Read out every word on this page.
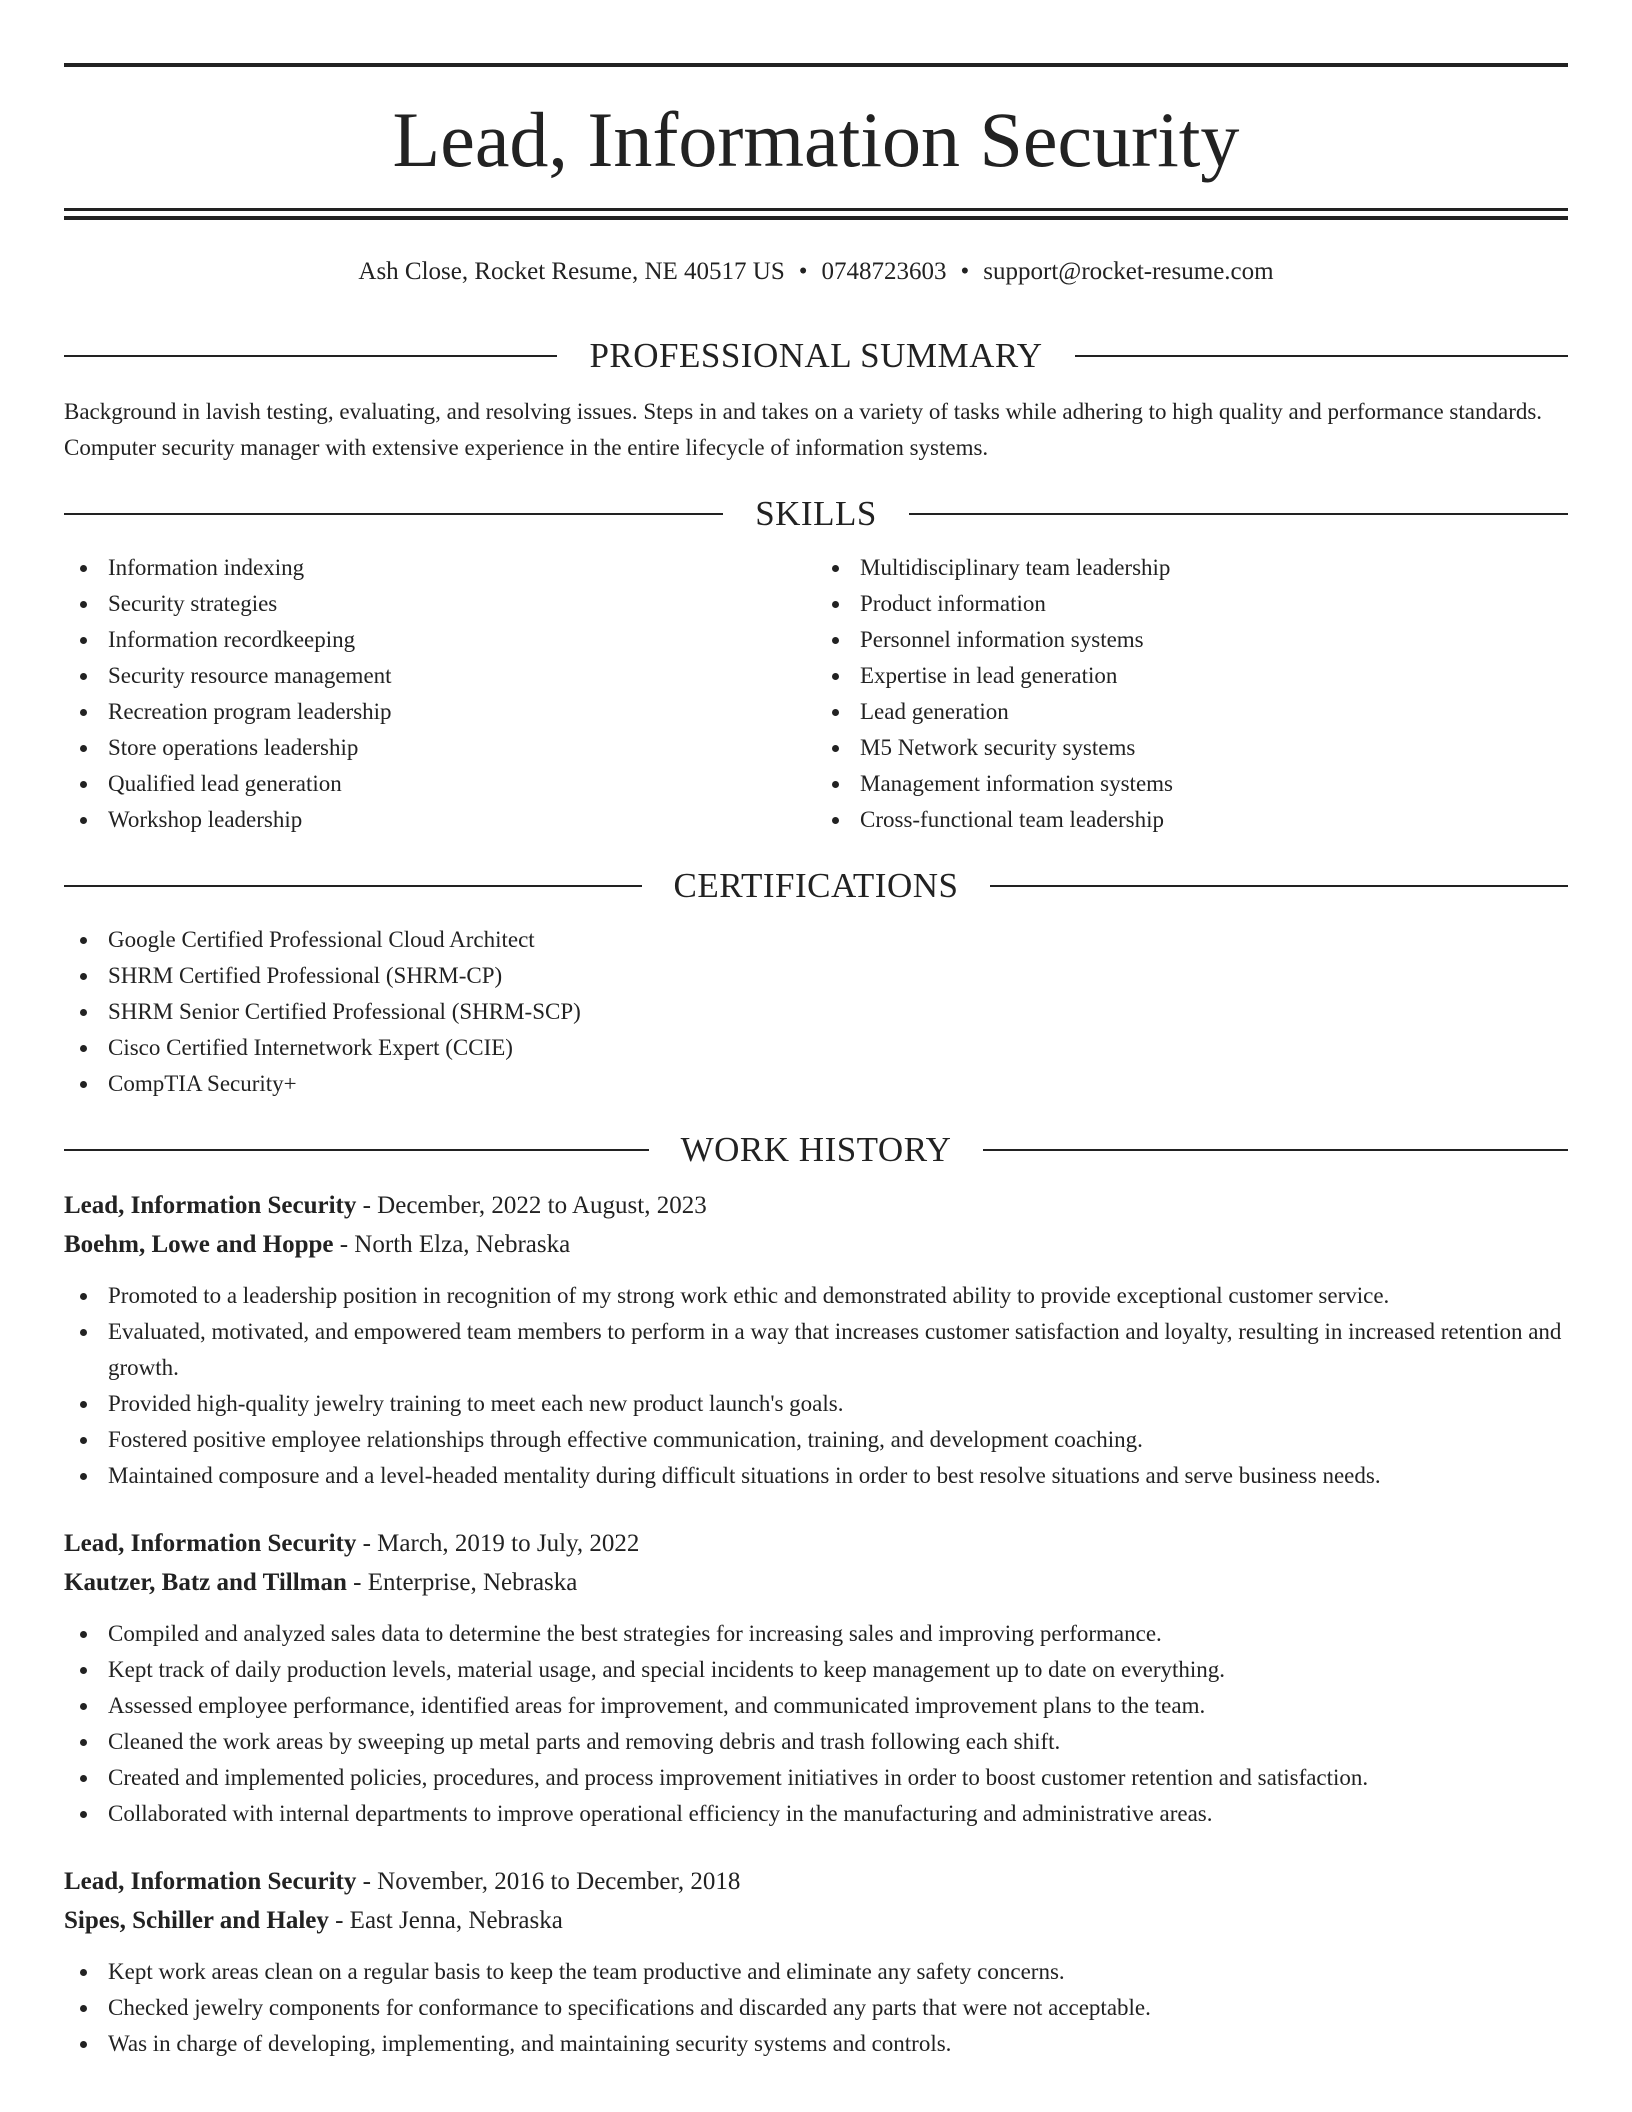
Lead, Information Security
Ash Close, Rocket Resume, NE 40517 US • 0748723603 • support@rocket-resume.com
PROFESSIONAL SUMMARY

Background in lavish testing, evaluating, and resolving issues. Steps in and takes on a variety of tasks while adhering to high quality and performance standards. Computer security manager with extensive experience in the entire lifecycle of information systems.

SKILLS
Information indexing
Security strategies
Information recordkeeping
Security resource management
Recreation program leadership
Store operations leadership
Qualified lead generation
Workshop leadership
Multidisciplinary team leadership
Product information
Personnel information systems
Expertise in lead generation
Lead generation
M5 Network security systems
Management information systems
Cross-functional team leadership
CERTIFICATIONS
Google Certified Professional Cloud Architect
SHRM Certified Professional (SHRM-CP)
SHRM Senior Certified Professional (SHRM-SCP)
Cisco Certified Internetwork Expert (CCIE)
CompTIA Security+
WORK HISTORY
Lead, Information Security - December, 2022 to August, 2023
Boehm, Lowe and Hoppe - North Elza, Nebraska
Promoted to a leadership position in recognition of my strong work ethic and demonstrated ability to provide exceptional customer service.
Evaluated, motivated, and empowered team members to perform in a way that increases customer satisfaction and loyalty, resulting in increased retention and growth.
Provided high-quality jewelry training to meet each new product launch's goals.
Fostered positive employee relationships through effective communication, training, and development coaching.
Maintained composure and a level-headed mentality during difficult situations in order to best resolve situations and serve business needs.
Lead, Information Security - March, 2019 to July, 2022
Kautzer, Batz and Tillman - Enterprise, Nebraska
Compiled and analyzed sales data to determine the best strategies for increasing sales and improving performance.
Kept track of daily production levels, material usage, and special incidents to keep management up to date on everything.
Assessed employee performance, identified areas for improvement, and communicated improvement plans to the team.
Cleaned the work areas by sweeping up metal parts and removing debris and trash following each shift.
Created and implemented policies, procedures, and process improvement initiatives in order to boost customer retention and satisfaction.
Collaborated with internal departments to improve operational efficiency in the manufacturing and administrative areas.
Lead, Information Security - November, 2016 to December, 2018
Sipes, Schiller and Haley - East Jenna, Nebraska
Kept work areas clean on a regular basis to keep the team productive and eliminate any safety concerns.
Checked jewelry components for conformance to specifications and discarded any parts that were not acceptable.
Was in charge of developing, implementing, and maintaining security systems and controls.
